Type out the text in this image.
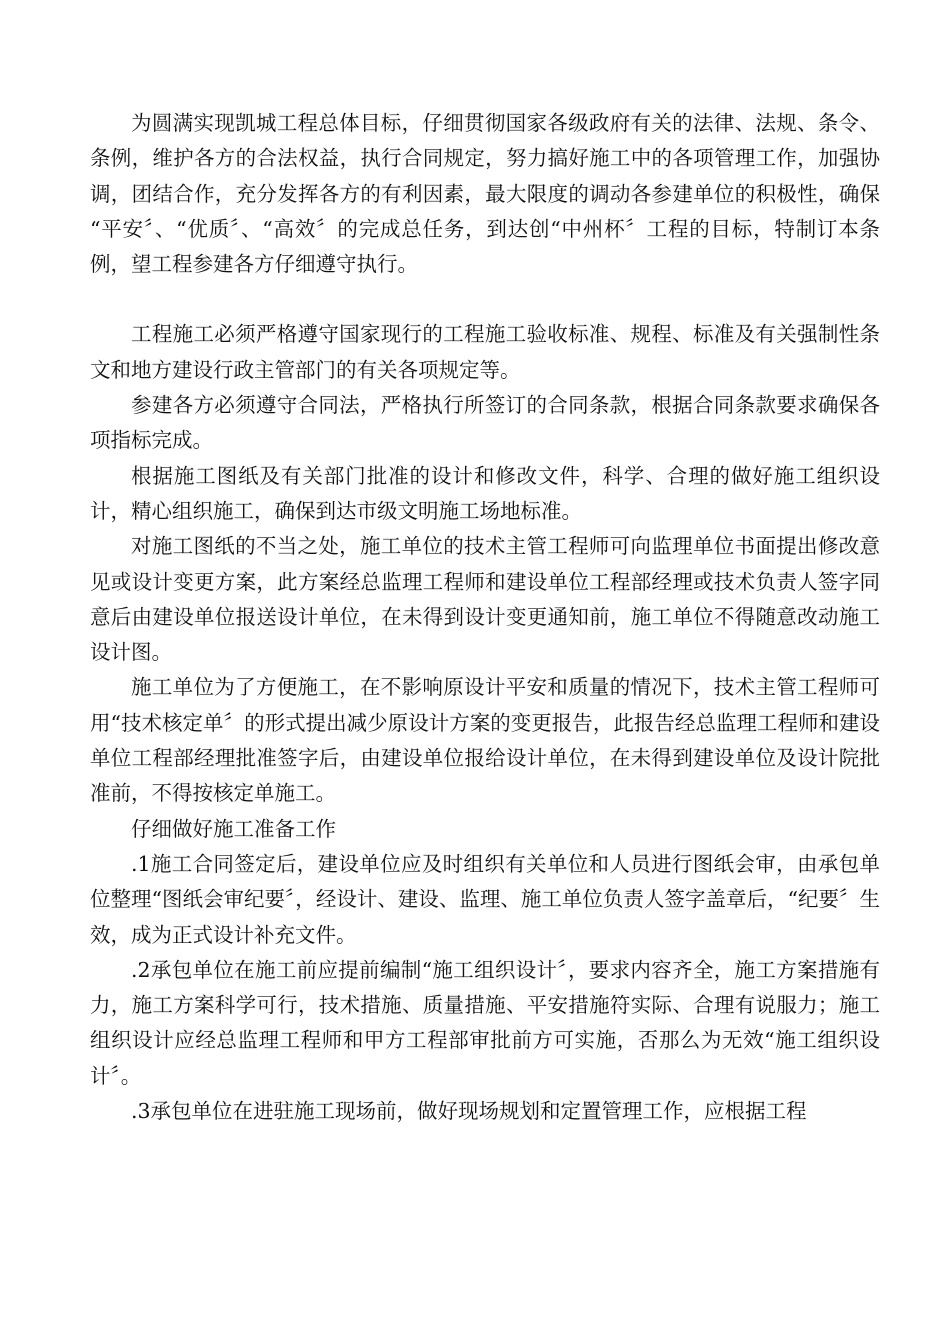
为圆满实现凯城工程总体目标，仔细贯彻国家各级政府有关的法律、法规、条令、条例，维护各方的合法权益，执行合同规定，努力搞好施工中的各项管理工作，加强协调，团结合作，充分发挥各方的有利因素，最大限度的调动各参建单位的积极性，确保 “平安〞、“优质〞、“高效〞的完成总任务，到达创“中州杯〞工程的目标，特制订本条例，望工程参建各方仔细遵守执行。

工程施工必须严格遵守国家现行的工程施工验收标准、规程、标准及有关强制性条文和地方建设行政主管部门的有关各项规定等。

参建各方必须遵守合同法，严格执行所签订的合同条款，根据合同条款要求确保各项指标完成。

根据施工图纸及有关部门批准的设计和修改文件，科学、合理的做好施工组织设计，精心组织施工，确保到达市级文明施工场地标准。

对施工图纸的不当之处，施工单位的技术主管工程师可向监理单位书面提出修改意见或设计变更方案，此方案经总监理工程师和建设单位工程部经理或技术负责人签字同意后由建设单位报送设计单位，在未得到设计变更通知前，施工单位不得随意改动施工设计图。

施工单位为了方便施工，在不影响原设计平安和质量的情况下，技术主管工程师可用“技术核定单〞的形式提出减少原设计方案的变更报告，此报告经总监理工程师和建设单位工程部经理批准签字后，由建设单位报给设计单位，在未得到建设单位及设计院批准前，不得按核定单施工。

仔细做好施工准备工作

.1施工合同签定后，建设单位应及时组织有关单位和人员进行图纸会审，由承包单位整理“图纸会审纪要〞，经设计、建设、监理、施工单位负责人签字盖章后，“纪要〞生效，成为正式设计补充文件。

.2承包单位在施工前应提前编制“施工组织设计〞，要求内容齐全，施工方案措施有力，施工方案科学可行，技术措施、质量措施、平安措施符实际、合理有说服力；施工组织设计应经总监理工程师和甲方工程部审批前方可实施，否那么为无效“施工组织设计〞。

.3承包单位在进驻施工现场前，做好现场规划和定置管理工作，应根据工程
